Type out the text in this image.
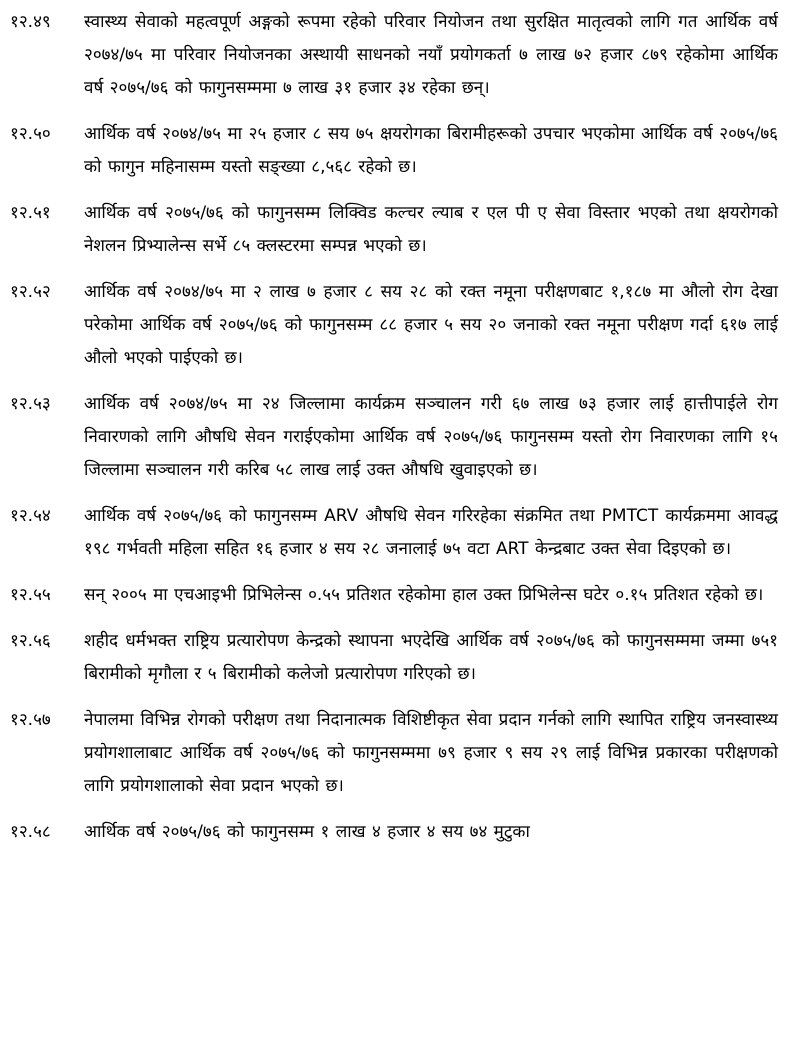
१२.४९	स्वास्थ्य सेवाको महत्वपूर्ण अङ्गको रूपमा रहेको परिवार नियोजन तथा सुरक्षित मातृत्वको लागि गत आर्थिक वर्ष २०७४/७५ मा परिवार नियोजनका अस्थायी साधनको नयाँ प्रयोगकर्ता ७ लाख ७२ हजार ८७९ रहेकोमा आर्थिक वर्ष २०७५/७६ को फागुनसम्ममा ७ लाख ३१ हजार ३४ रहेका छन्।
१२.५०	आर्थिक वर्ष २०७४/७५ मा २५ हजार ८ सय ७५ क्षयरोगका बिरामीहरूको उपचार भएकोमा आर्थिक वर्ष २०७५/७६ को फागुन महिनासम्म यस्तो सङ्ख्या ८,५६८ रहेको छ।
१२.५१	आर्थिक वर्ष २०७५/७६ को फागुनसम्म लिक्विड कल्चर ल्याब र एल पी ए सेवा विस्तार भएको तथा क्षयरोगको नेशलन प्रिभ्यालेन्स सर्भे ८५ क्लस्टरमा सम्पन्न भएको छ।
१२.५२	आर्थिक वर्ष २०७४/७५ मा २ लाख ७ हजार ८ सय २८ को रक्त नमूना परीक्षणबाट १,१८७ मा औलो रोग देखा परेकोमा आर्थिक वर्ष २०७५/७६ को फागुनसम्म ८८ हजार ५ सय २० जनाको रक्त नमूना परीक्षण गर्दा ६१७ लाई औलो भएको पाईएको छ।
१२.५३	आर्थिक वर्ष २०७४/७५ मा २४ जिल्लामा कार्यक्रम सञ्चालन गरी ६७ लाख ७३ हजार लाई हात्तीपाईले रोग निवारणको लागि औषधि सेवन गराईएकोमा आर्थिक वर्ष २०७५/७६ फागुनसम्म यस्तो रोग निवारणका लागि १५ जिल्लामा सञ्चालन गरी करिब ५८ लाख लाई उक्त औषधि खुवाइएको छ।
१२.५४	आर्थिक वर्ष २०७५/७६ को फागुनसम्म ARV औषधि सेवन गरिरहेका संक्रमित तथा PMTCT कार्यक्रममा आवद्ध १९८ गर्भवती महिला सहित १६ हजार ४ सय २८ जनालाई ७५ वटा ART केन्द्रबाट उक्त सेवा दिइएको छ।
१२.५५	सन् २००५ मा एचआइभी प्रिभिलेन्स ०.५५ प्रतिशत रहेकोमा हाल उक्त प्रिभिलेन्स घटेर ०.१५ प्रतिशत रहेको छ।
१२.५६	शहीद धर्मभक्त राष्ट्रिय प्रत्यारोपण केन्द्रको स्थापना भएदेखि आर्थिक वर्ष २०७५/७६ को फागुनसम्ममा जम्मा ७५१ बिरामीको मृगौला र ५ बिरामीको कलेजो प्रत्यारोपण गरिएको छ।
१२.५७	नेपालमा विभिन्न रोगको परीक्षण तथा निदानात्मक विशिष्टीकृत सेवा प्रदान गर्नको लागि स्थापित राष्ट्रिय जनस्वास्थ्य प्रयोगशालाबाट आर्थिक वर्ष २०७५/७६ को फागुनसम्ममा ७९ हजार ९ सय २९ लाई विभिन्न प्रकारका परीक्षणको लागि प्रयोगशालाको सेवा प्रदान भएको छ।
१२.५८	आर्थिक वर्ष २०७५/७६ को फागुनसम्म १ लाख ४ हजार ४ सय ७४ मुटुका
